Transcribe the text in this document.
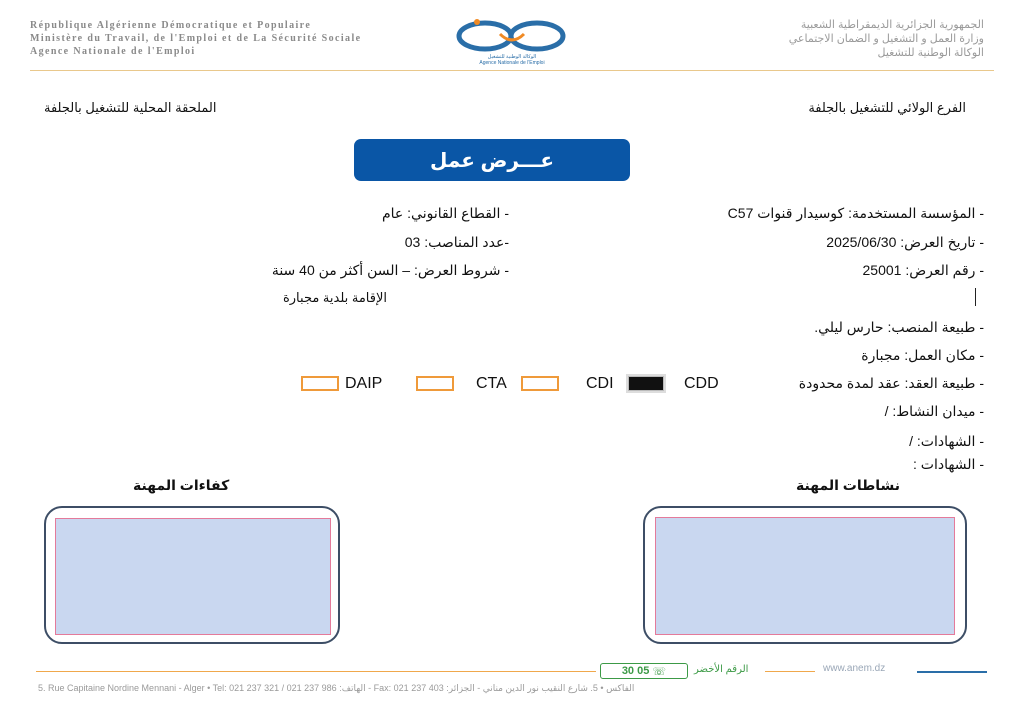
République Algérienne Démocratique et Populaire
Ministère du Travail, de l'Emploi et de La Sécurité Sociale
Agence Nationale de l'Emploi	الوكالة الوطنية للتشغيل
Agence Nationale de l'Emploi
الجمهورية الجزائرية الديمقراطية الشعبية
وزارة العمل و التشغيل و الضمان الاجتماعي
الوكالة الوطنية للتشغيل
الفرع الولائي للتشغيل بالجلفة
الملحقة المحلية للتشغيل بالجلفة
عـــرض عمل
- المؤسسة المستخدمة: كوسيدار قنوات C57
- تاريخ العرض: 2025/06/30
- رقم العرض: 25001
- طبيعة المنصب: حارس ليلي.
- مكان العمل: مجبارة
- طبيعة العقد: عقد لمدة محدودة
- ميدان النشاط: /
- الشهادات: /
- الشهادات :
- القطاع القانوني: عام
-عدد المناصب: 03
- شروط العرض: – السن أكثر من 40 سنة
الإقامة بلدية مجبارة
CDD
CDI
CTA
DAIP
نشاطات المهنة
كفاءات المهنة
30 05
☏	الرقم الأخضر	www.anem.dz
5. Rue Capitaine Nordine Mennani - Alger • Tel: 021 237 321 / 021 237 986 :الهاتف - Fax: 021 237 403 :الفاكس • 5. شارع النقيب نور الدين مناني - الجزائر
